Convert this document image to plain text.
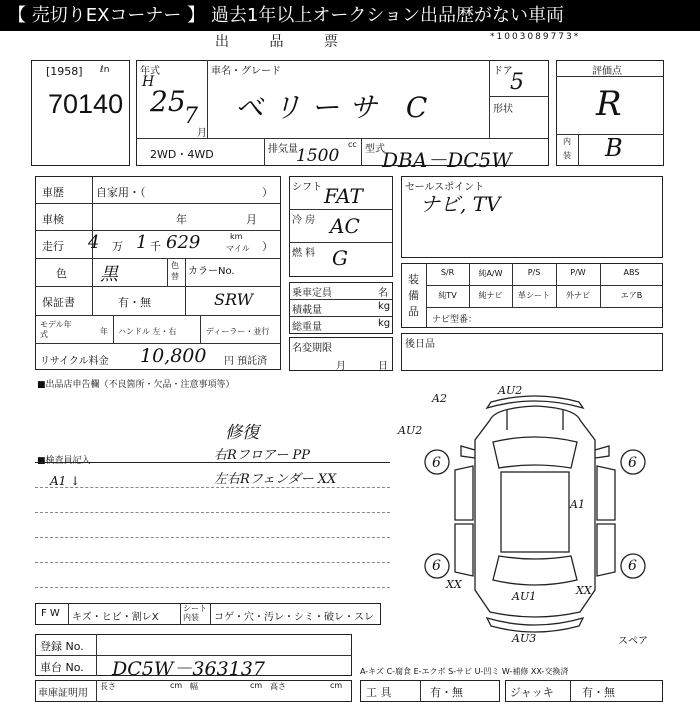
【 売切りEXコーナー 】 過去1年以上オークション出品歴がない車両
出 品 票	*1003089773*
[1958] ℓn
70140
年式
H
25
7
月
車名・グレード
ベリーサ C
ドア
5
形状
2WD・4WD	排気量
1500
cc 型式
DBA－DC5W
評価点
R
内
装 B
車歴	自家用・（	）
車検	年	月
走行 4 万 1 千 629	km
マイル ）
色 黒	色替 カラーNo.
保証書	有・無	SRW
モデル年式	年 ハンドル 左・右	ディーラー・並行
リサイクル料金 10,800 円 預託済
■出品店申告欄（不良箇所・欠品・注意事項等）
シフト FAT
冷 房 AC
燃 料 G
乗車定員	名
積載量	kg
総重量	kg
名変期限
月	日
セールスポイント
ナビ, TV
装備品
S/R	純A/W	P/S	P/W	ABS
純TV	純ナビ	革シート	外ナビ	エアB
ナビ型番：
後日品
■検査員記入
A1 ↓
修復
右Rフロアー PP
左右Rフェンダー XX
A2
AU2
AU2
6	6
6	6
A1
XX	XX
AU1
AU3	スペア
F W キズ・ヒビ・割レX
シート内装	コゲ・穴・汚レ・シミ・破レ・スレ
登録 No.
車台 No. DC5W－363137	A-キズ C-腐食 E-エクボ S-サビ U-凹ミ W-補修 XX-交換済
車庫証明用
長さ	cm 幅	cm 高さ	cm
工 具	有・無	ジャッキ	有・無
